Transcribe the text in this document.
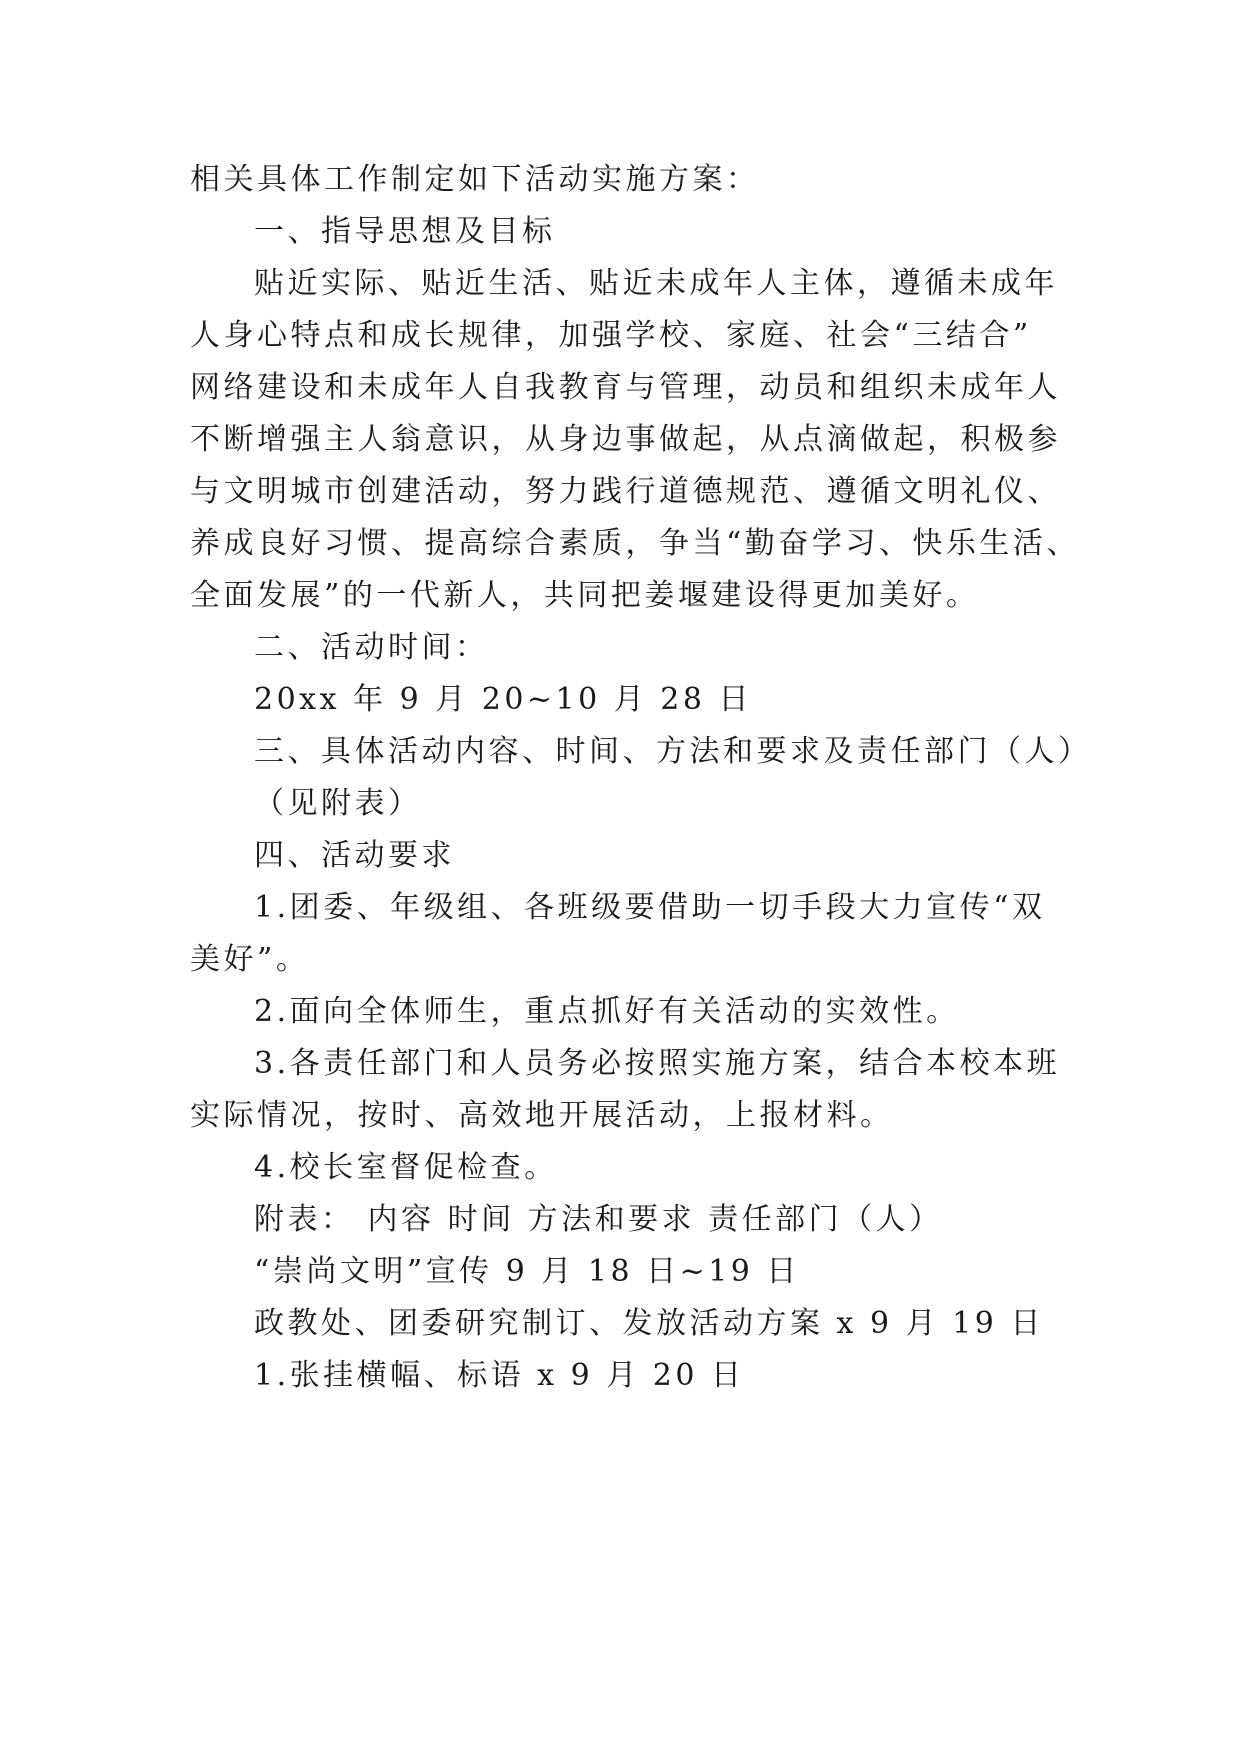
相关具体工作制定如下活动实施方案：
一、指导思想及目标
贴近实际、贴近生活、贴近未成年人主体，遵循未成年
人身心特点和成长规律，加强学校、家庭、社会“三结合”
网络建设和未成年人自我教育与管理，动员和组织未成年人
不断增强主人翁意识，从身边事做起，从点滴做起，积极参
与文明城市创建活动，努力践行道德规范、遵循文明礼仪、
养成良好习惯、提高综合素质，争当“勤奋学习、快乐生活、
全面发展”的一代新人，共同把姜堰建设得更加美好。
二、活动时间：
20xx 年 9 月 20~10 月 28 日
三、具体活动内容、时间、方法和要求及责任部门（人）
（见附表）
四、活动要求
1.团委、年级组、各班级要借助一切手段大力宣传“双
美好”。
2.面向全体师生，重点抓好有关活动的实效性。
3.各责任部门和人员务必按照实施方案，结合本校本班
实际情况，按时、高效地开展活动，上报材料。
4.校长室督促检查。
附表： 内容 时间 方法和要求 责任部门（人）
“崇尚文明”宣传 9 月 18 日~19 日
政教处、团委研究制订、发放活动方案 x 9 月 19 日
1.张挂横幅、标语 x 9 月 20 日
